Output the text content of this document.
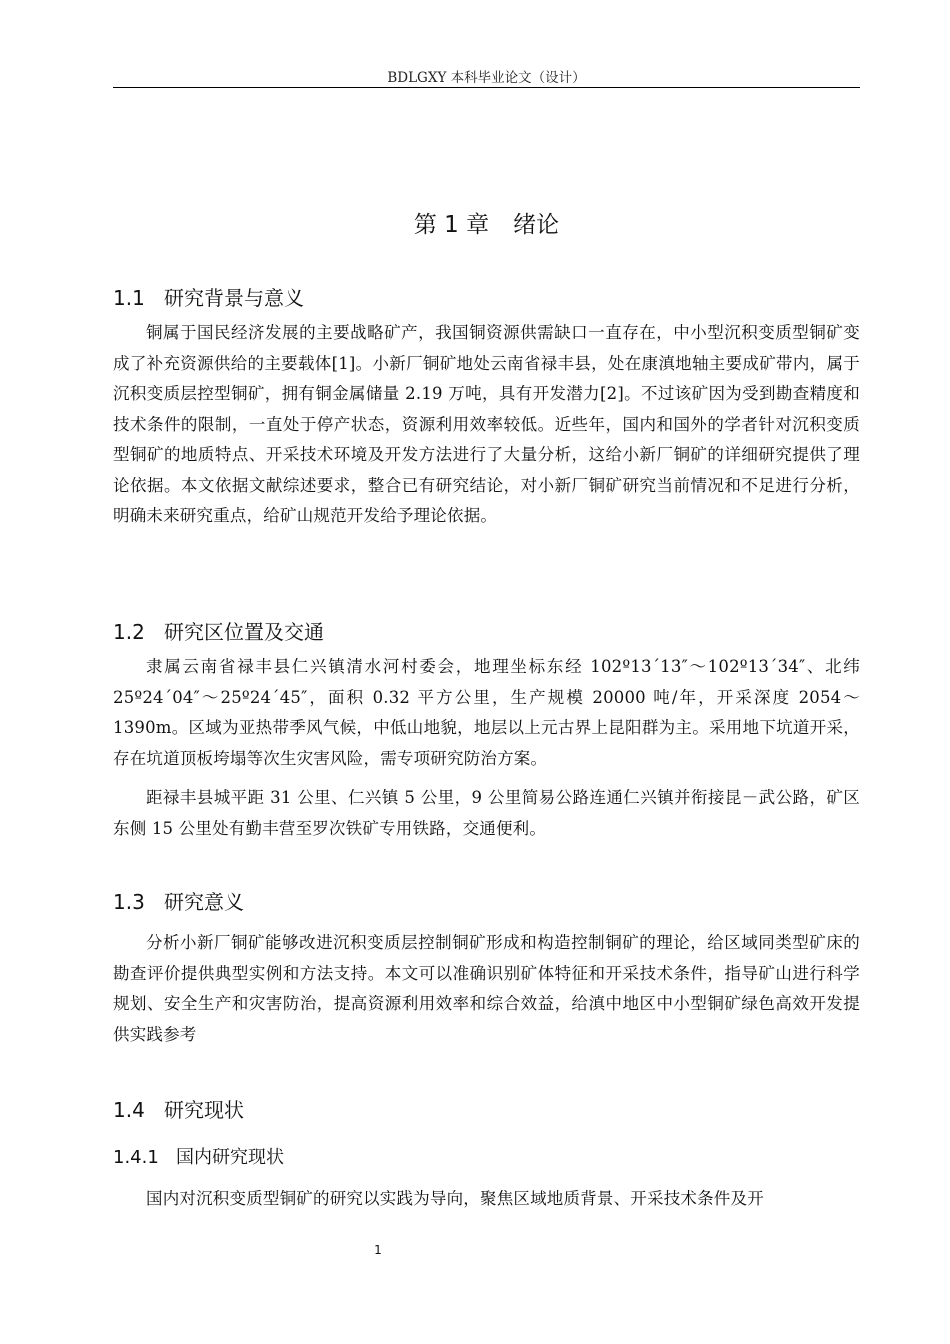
BDLGXY 本科毕业论文（设计）
第 1 章 绪论
1.1 研究背景与意义
铜属于国民经济发展的主要战略矿产，我国铜资源供需缺口一直存在，中小型沉积变质型铜矿变成了补充资源供给的主要载体[1]。小新厂铜矿地处云南省禄丰县，处在康滇地轴主要成矿带内，属于沉积变质层控型铜矿，拥有铜金属储量 2.19 万吨，具有开发潜力[2]。不过该矿因为受到勘查精度和技术条件的限制，一直处于停产状态，资源利用效率较低。近些年，国内和国外的学者针对沉积变质型铜矿的地质特点、开采技术环境及开发方法进行了大量分析，这给小新厂铜矿的详细研究提供了理论依据。本文依据文献综述要求，整合已有研究结论，对小新厂铜矿研究当前情况和不足进行分析，明确未来研究重点，给矿山规范开发给予理论依据。
1.2 研究区位置及交通
隶属云南省禄丰县仁兴镇清水河村委会，地理坐标东经 102º13´13″～102º13´34″、北纬 25º24´04″～25º24´45″，面积 0.32 平方公里，生产规模 20000 吨/年，开采深度 2054～1390m。区域为亚热带季风气候，中低山地貌，地层以上元古界上昆阳群为主。采用地下坑道开采，存在坑道顶板垮塌等次生灾害风险，需专项研究防治方案。
距禄丰县城平距 31 公里、仁兴镇 5 公里，9 公里简易公路连通仁兴镇并衔接昆－武公路，矿区东侧 15 公里处有勤丰营至罗次铁矿专用铁路，交通便利。
1.3 研究意义
分析小新厂铜矿能够改进沉积变质层控制铜矿形成和构造控制铜矿的理论，给区域同类型矿床的勘查评价提供典型实例和方法支持。本文可以准确识别矿体特征和开采技术条件，指导矿山进行科学规划、安全生产和灾害防治，提高资源利用效率和综合效益，给滇中地区中小型铜矿绿色高效开发提供实践参考
1.4 研究现状
1.4.1 国内研究现状
国内对沉积变质型铜矿的研究以实践为导向，聚焦区域地质背景、开采技术条件及开
1
